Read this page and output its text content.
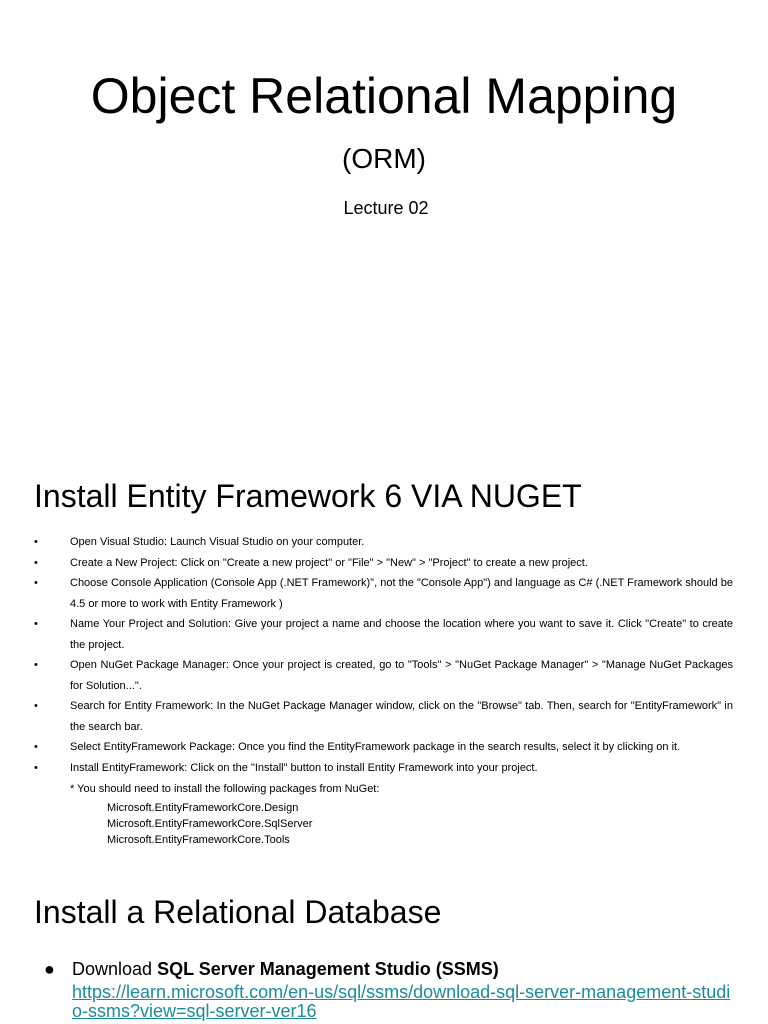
Object Relational Mapping
(ORM)
Lecture 02
Install Entity Framework 6 VIA NUGET
•	Open Visual Studio: Launch Visual Studio on your computer.
•	Create a New Project: Click on "Create a new project" or "File" > "New" > "Project" to create a new project.
•	Choose Console Application (Console App (.NET Framework)", not the "Console App") and language as C# (.NET Framework should be 4.5 or more to work with Entity Framework )
•	Name Your Project and Solution: Give your project a name and choose the location where you want to save it. Click "Create" to create the project.
•	Open NuGet Package Manager: Once your project is created, go to "Tools" > "NuGet Package Manager" > "Manage NuGet Packages for Solution...".
•	Search for Entity Framework: In the NuGet Package Manager window, click on the "Browse" tab. Then, search for "EntityFramework" in the search bar.
•	Select EntityFramework Package: Once you find the EntityFramework package in the search results, select it by clicking on it.
•	Install EntityFramework: Click on the "Install" button to install Entity Framework into your project.
* You should need to install the following packages from NuGet:
Microsoft.EntityFrameworkCore.Design
Microsoft.EntityFrameworkCore.SqlServer
Microsoft.EntityFrameworkCore.Tools
Install a Relational Database
● Download SQL Server Management Studio (SSMS)
https://learn.microsoft.com/en-us/sql/ssms/download-sql-server-management-studio-ssms?view=sql-server-ver16
